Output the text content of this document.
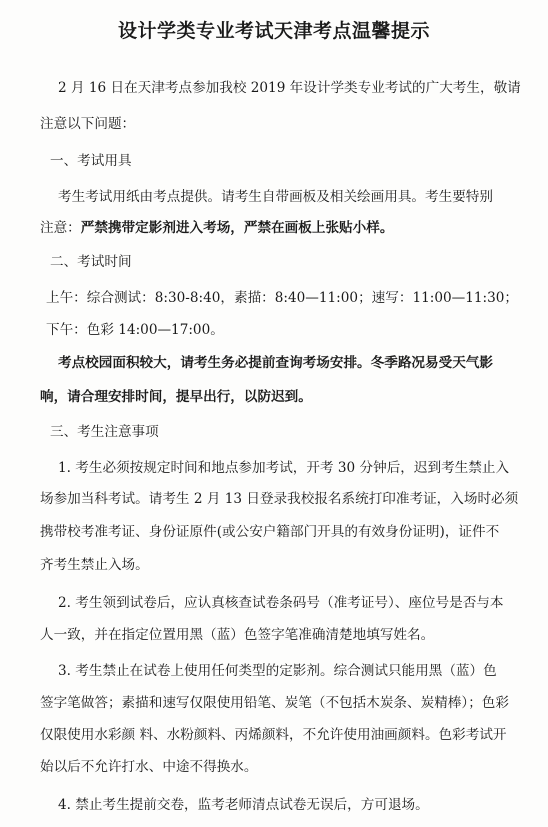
设计学类专业考试天津考点温馨提示
2 月 16 日在天津考点参加我校 2019 年设计学类专业考试的广大考生，敬请
注意以下问题：
一、考试用具
考生考试用纸由考点提供。请考生自带画板及相关绘画用具。考生要特别
注意：严禁携带定影剂进入考场，严禁在画板上张贴小样。
二、考试时间
上午：综合测试：8:30-8:40，素描：8:40—11:00；速写：11:00—11:30；
下午：色彩 14:00—17:00。
考点校园面积较大，请考生务必提前查询考场安排。冬季路况易受天气影
响，请合理安排时间，提早出行，以防迟到。
三、考生注意事项
1. 考生必须按规定时间和地点参加考试，开考 30 分钟后，迟到考生禁止入
场参加当科考试。请考生 2 月 13 日登录我校报名系统打印准考证，入场时必须
携带校考准考证、身份证原件(或公安户籍部门开具的有效身份证明)，证件不
齐考生禁止入场。
2. 考生领到试卷后，应认真核查试卷条码号（准考证号）、座位号是否与本
人一致，并在指定位置用黑（蓝）色签字笔准确清楚地填写姓名。
3. 考生禁止在试卷上使用任何类型的定影剂。综合测试只能用黑（蓝）色
签字笔做答；素描和速写仅限使用铅笔、炭笔（不包括木炭条、炭精棒）；色彩
仅限使用水彩颜 料、水粉颜料、丙烯颜料，不允许使用油画颜料。色彩考试开
始以后不允许打水、中途不得换水。
4. 禁止考生提前交卷，监考老师清点试卷无误后，方可退场。
